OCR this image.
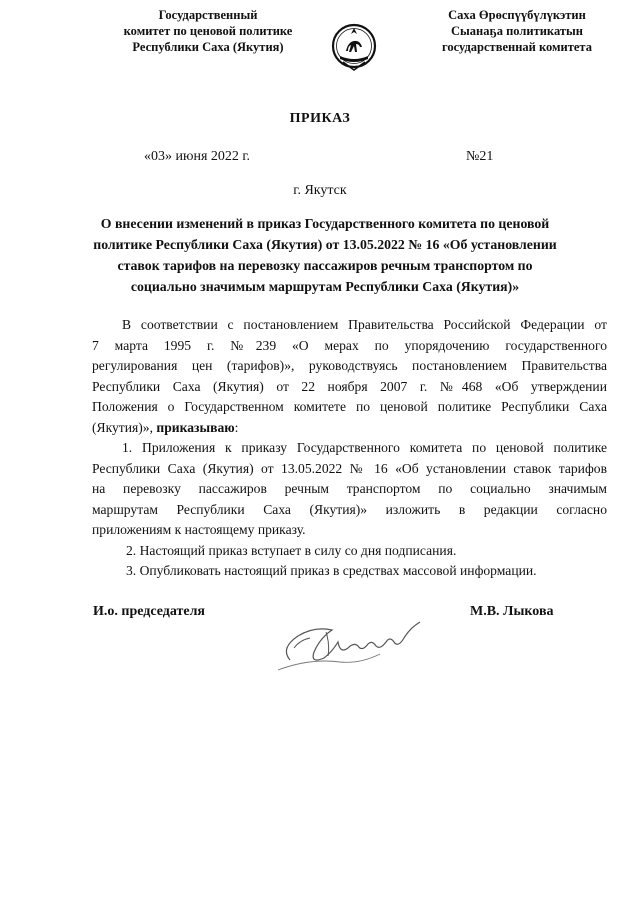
Государственный
комитет по ценовой политике
Республики Саха (Якутия)
Саха Өрөспүүбүлүкэтин
Сыанаҕа политикатын
государственнай комитета
ПРИКАЗ
«03» июня 2022 г.	№21
г. Якутск
О внесении изменений в приказ Государственного комитета по ценовой
политике Республики Саха (Якутия) от 13.05.2022 № 16 «Об установлении
ставок тарифов на перевозку пассажиров речным транспортом по
социально значимым маршрутам Республики Саха (Якутия)»
В соответствии с постановлением Правительства Российской Федерации от
7 марта 1995 г. №239 «О мерах по упорядочению государственного
регулирования цен (тарифов)», руководствуясь постановлением Правительства
Республики Саха (Якутия) от 22 ноября 2007 г. №468 «Об утверждении
Положения о Государственном комитете по ценовой политике Республики Саха
(Якутия)», приказываю:
1. Приложения к приказу Государственного комитета по ценовой политике
Республики Саха (Якутия) от 13.05.2022 № 16 «Об установлении ставок тарифов
на перевозку пассажиров речным транспортом по социально значимым
маршрутам Республики Саха (Якутия)» изложить в редакции согласно
приложениям к настоящему приказу.
2. Настоящий приказ вступает в силу со дня подписания.
3. Опубликовать настоящий приказ в средствах массовой информации.
И.о. председателя	М.В. Лыкова
